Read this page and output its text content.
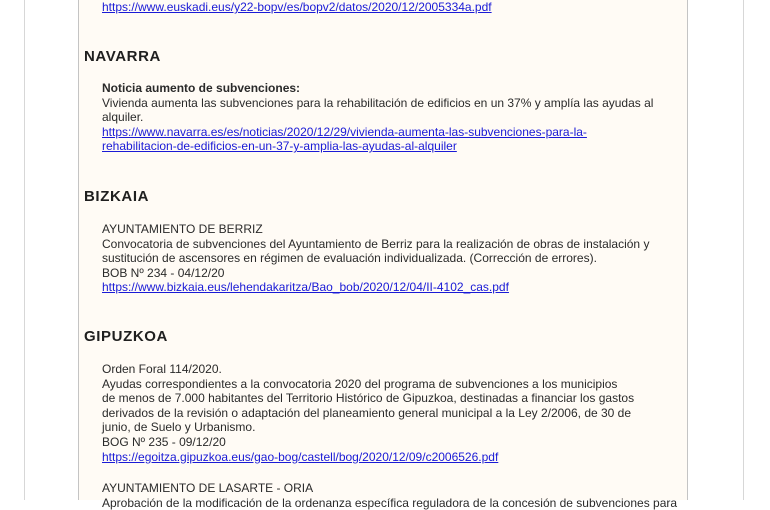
https://www.euskadi.eus/y22-bopv/es/bopv2/datos/2020/12/2005334a.pdf
NAVARRA
Noticia aumento de subvenciones:
Vivienda aumenta las subvenciones para la rehabilitación de edificios en un 37% y amplía las ayudas al
alquiler.
https://www.navarra.es/es/noticias/2020/12/29/vivienda-aumenta-las-subvenciones-para-la-
rehabilitacion-de-edificios-en-un-37-y-amplia-las-ayudas-al-alquiler
BIZKAIA
AYUNTAMIENTO DE BERRIZ
Convocatoria de subvenciones del Ayuntamiento de Berriz para la realización de obras de instalación y
sustitución de ascensores en régimen de evaluación individualizada. (Corrección de errores).
BOB Nº 234 - 04/12/20
https://www.bizkaia.eus/lehendakaritza/Bao_bob/2020/12/04/II-4102_cas.pdf
GIPUZKOA
Orden Foral 114/2020.
Ayudas correspondientes a la convocatoria 2020 del programa de subvenciones a los municipios
de menos de 7.000 habitantes del Territorio Histórico de Gipuzkoa, destinadas a financiar los gastos
derivados de la revisión o adaptación del planeamiento general municipal a la Ley 2/2006, de 30 de
junio, de Suelo y Urbanismo.
BOG Nº 235 - 09/12/20
https://egoitza.gipuzkoa.eus/gao-bog/castell/bog/2020/12/09/c2006526.pdf
AYUNTAMIENTO DE LASARTE - ORIA
Aprobación de la modificación de la ordenanza específica reguladora de la concesión de subvenciones para
